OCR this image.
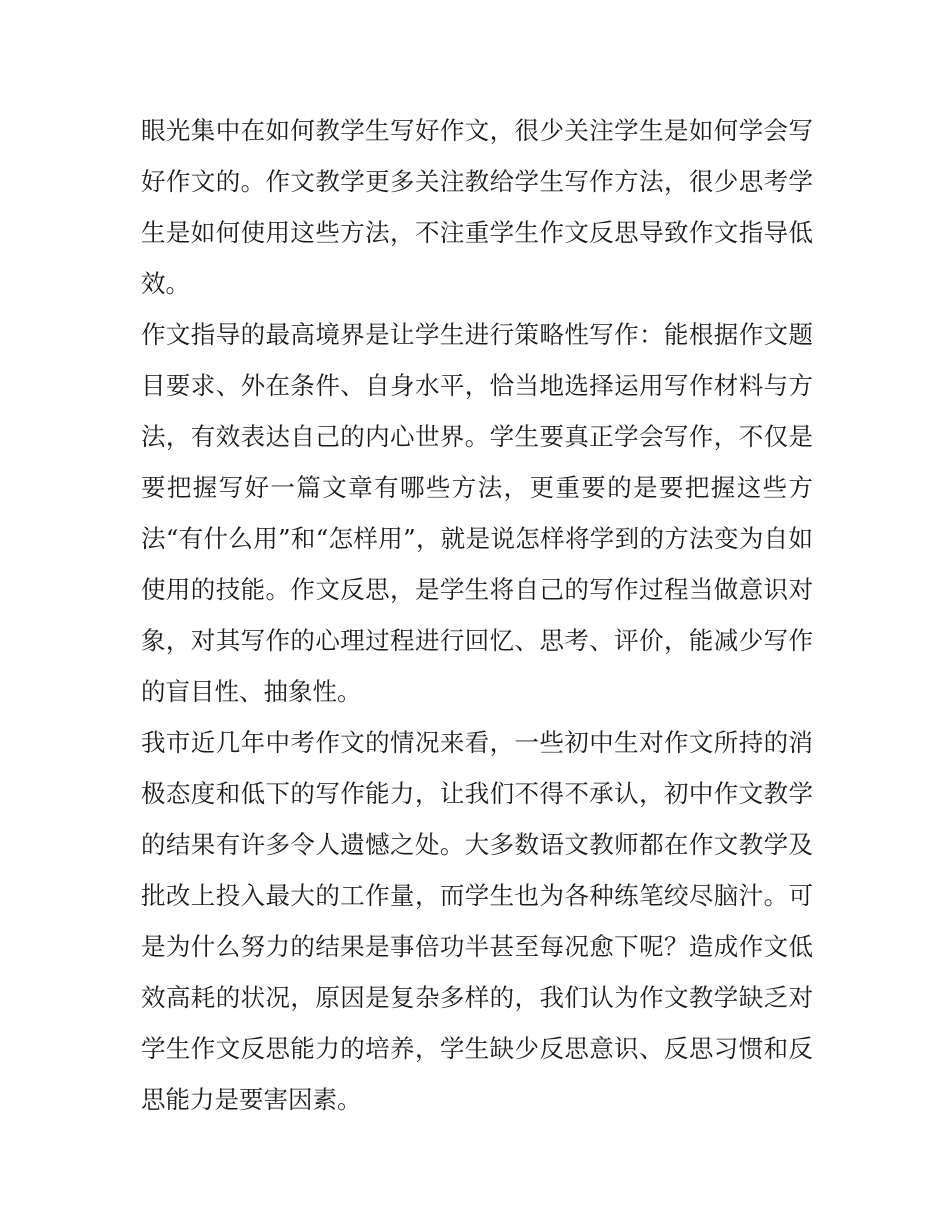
眼光集中在如何教学生写好作文，很少关注学生是如何学会写好作文的。作文教学更多关注教给学生写作方法，很少思考学生是如何使用这些方法，不注重学生作文反思导致作文指导低效。

作文指导的最高境界是让学生进行策略性写作：能根据作文题目要求、外在条件、自身水平，恰当地选择运用写作材料与方法，有效表达自己的内心世界。学生要真正学会写作，不仅是要把握写好一篇文章有哪些方法，更重要的是要把握这些方法“有什么用”和“怎样用”，就是说怎样将学到的方法变为自如使用的技能。作文反思，是学生将自己的写作过程当做意识对象，对其写作的心理过程进行回忆、思考、评价，能减少写作的盲目性、抽象性。

我市近几年中考作文的情况来看，一些初中生对作文所持的消极态度和低下的写作能力，让我们不得不承认，初中作文教学的结果有许多令人遗憾之处。大多数语文教师都在作文教学及批改上投入最大的工作量，而学生也为各种练笔绞尽脑汁。可是为什么努力的结果是事倍功半甚至每况愈下呢？造成作文低效高耗的状况，原因是复杂多样的，我们认为作文教学缺乏对学生作文反思能力的培养，学生缺少反思意识、反思习惯和反思能力是要害因素。
